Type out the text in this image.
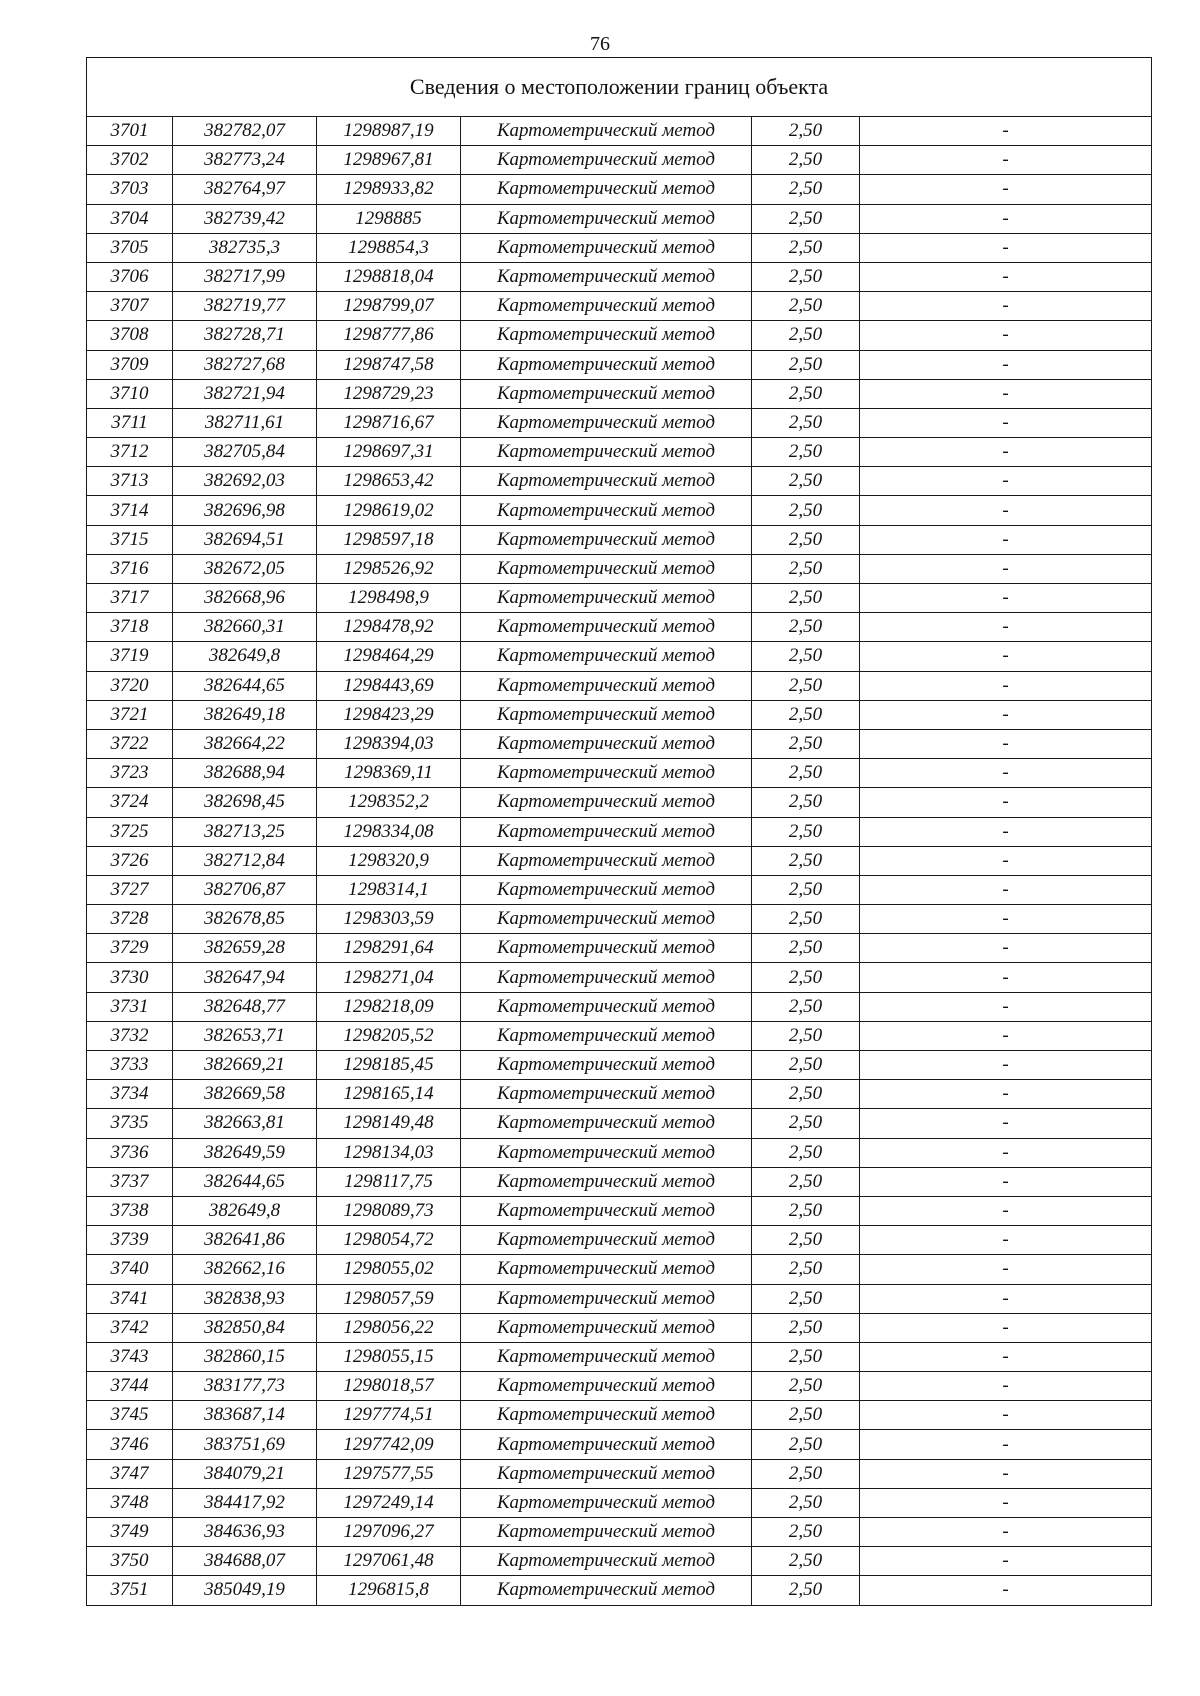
76
Сведения о местоположении границ объекта					
3701	382782,07	1298987,19	Картометрический метод	2,50	-
3702	382773,24	1298967,81	Картометрический метод	2,50	-
3703	382764,97	1298933,82	Картометрический метод	2,50	-
3704	382739,42	1298885	Картометрический метод	2,50	-
3705	382735,3	1298854,3	Картометрический метод	2,50	-
3706	382717,99	1298818,04	Картометрический метод	2,50	-
3707	382719,77	1298799,07	Картометрический метод	2,50	-
3708	382728,71	1298777,86	Картометрический метод	2,50	-
3709	382727,68	1298747,58	Картометрический метод	2,50	-
3710	382721,94	1298729,23	Картометрический метод	2,50	-
3711	382711,61	1298716,67	Картометрический метод	2,50	-
3712	382705,84	1298697,31	Картометрический метод	2,50	-
3713	382692,03	1298653,42	Картометрический метод	2,50	-
3714	382696,98	1298619,02	Картометрический метод	2,50	-
3715	382694,51	1298597,18	Картометрический метод	2,50	-
3716	382672,05	1298526,92	Картометрический метод	2,50	-
3717	382668,96	1298498,9	Картометрический метод	2,50	-
3718	382660,31	1298478,92	Картометрический метод	2,50	-
3719	382649,8	1298464,29	Картометрический метод	2,50	-
3720	382644,65	1298443,69	Картометрический метод	2,50	-
3721	382649,18	1298423,29	Картометрический метод	2,50	-
3722	382664,22	1298394,03	Картометрический метод	2,50	-
3723	382688,94	1298369,11	Картометрический метод	2,50	-
3724	382698,45	1298352,2	Картометрический метод	2,50	-
3725	382713,25	1298334,08	Картометрический метод	2,50	-
3726	382712,84	1298320,9	Картометрический метод	2,50	-
3727	382706,87	1298314,1	Картометрический метод	2,50	-
3728	382678,85	1298303,59	Картометрический метод	2,50	-
3729	382659,28	1298291,64	Картометрический метод	2,50	-
3730	382647,94	1298271,04	Картометрический метод	2,50	-
3731	382648,77	1298218,09	Картометрический метод	2,50	-
3732	382653,71	1298205,52	Картометрический метод	2,50	-
3733	382669,21	1298185,45	Картометрический метод	2,50	-
3734	382669,58	1298165,14	Картометрический метод	2,50	-
3735	382663,81	1298149,48	Картометрический метод	2,50	-
3736	382649,59	1298134,03	Картометрический метод	2,50	-
3737	382644,65	1298117,75	Картометрический метод	2,50	-
3738	382649,8	1298089,73	Картометрический метод	2,50	-
3739	382641,86	1298054,72	Картометрический метод	2,50	-
3740	382662,16	1298055,02	Картометрический метод	2,50	-
3741	382838,93	1298057,59	Картометрический метод	2,50	-
3742	382850,84	1298056,22	Картометрический метод	2,50	-
3743	382860,15	1298055,15	Картометрический метод	2,50	-
3744	383177,73	1298018,57	Картометрический метод	2,50	-
3745	383687,14	1297774,51	Картометрический метод	2,50	-
3746	383751,69	1297742,09	Картометрический метод	2,50	-
3747	384079,21	1297577,55	Картометрический метод	2,50	-
3748	384417,92	1297249,14	Картометрический метод	2,50	-
3749	384636,93	1297096,27	Картометрический метод	2,50	-
3750	384688,07	1297061,48	Картометрический метод	2,50	-
3751	385049,19	1296815,8	Картометрический метод	2,50	-
